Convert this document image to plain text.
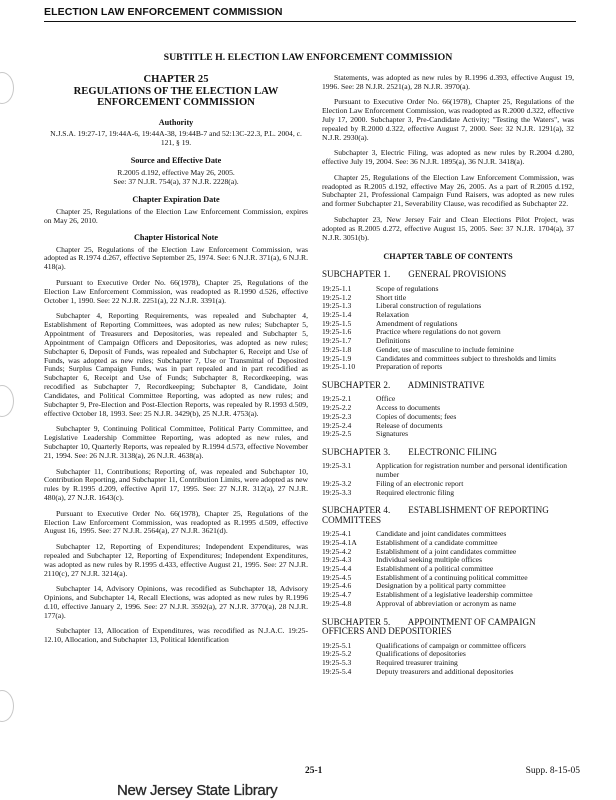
ELECTION LAW ENFORCEMENT COMMISSION
SUBTITLE H. ELECTION LAW ENFORCEMENT COMMISSION
CHAPTER 25
REGULATIONS OF THE ELECTION LAW
ENFORCEMENT COMMISSION
Authority

N.J.S.A. 19:27-17, 19:44A-6, 19:44A-38, 19:44B-7 and 52:13C-22.3, P.L. 2004, c. 121, § 19.

Source and Effective Date

R.2005 d.192, effective May 26, 2005.

See: 37 N.J.R. 754(a), 37 N.J.R. 2228(a).

Chapter Expiration Date

Chapter 25, Regulations of the Election Law Enforcement Commission, expires on May 26, 2010.

Chapter Historical Note

Chapter 25, Regulations of the Election Law Enforcement Commission, was adopted as R.1974 d.267, effective September 25, 1974. See: 6 N.J.R. 371(a), 6 N.J.R. 418(a).

Pursuant to Executive Order No. 66(1978), Chapter 25, Regulations of the Election Law Enforcement Commission, was readopted as R.1990 d.526, effective October 1, 1990. See: 22 N.J.R. 2251(a), 22 N.J.R. 3391(a).

Subchapter 4, Reporting Requirements, was repealed and Subchapter 4, Establishment of Reporting Committees, was adopted as new rules; Subchapter 5, Appointment of Treasurers and Depositories, was repealed and Subchapter 5, Appointment of Campaign Officers and Depositories, was adopted as new rules; Subchapter 6, Deposit of Funds, was repealed and Subchapter 6, Receipt and Use of Funds, was adopted as new rules; Subchapter 7, Use or Transmittal of Deposited Funds; Surplus Campaign Funds, was in part repealed and in part recodified as Subchapter 6, Receipt and Use of Funds; Subchapter 8, Recordkeeping, was recodified as Subchapter 7, Recordkeeping; Subchapter 8, Candidate, Joint Candidates, and Political Committee Reporting, was adopted as new rules; and Subchapter 9, Pre-Election and Post-Election Reports, was repealed by R.1993 d.509, effective October 18, 1993. See: 25 N.J.R. 3429(b), 25 N.J.R. 4753(a).

Subchapter 9, Continuing Political Committee, Political Party Committee, and Legislative Leadership Committee Reporting, was adopted as new rules, and Subchapter 10, Quarterly Reports, was repealed by R.1994 d.573, effective November 21, 1994. See: 26 N.J.R. 3138(a), 26 N.J.R. 4638(a).

Subchapter 11, Contributions; Reporting of, was repealed and Subchapter 10, Contribution Reporting, and Subchapter 11, Contribution Limits, were adopted as new rules by R.1995 d.209, effective April 17, 1995. See: 27 N.J.R. 312(a), 27 N.J.R. 480(a), 27 N.J.R. 1643(c).

Pursuant to Executive Order No. 66(1978), Chapter 25, Regulations of the Election Law Enforcement Commission, was readopted as R.1995 d.509, effective August 16, 1995. See: 27 N.J.R. 2564(a), 27 N.J.R. 3621(d).

Subchapter 12, Reporting of Expenditures; Independent Expenditures, was repealed and Subchapter 12, Reporting of Expenditures; Independent Expenditures, was adopted as new rules by R.1995 d.433, effective August 21, 1995. See: 27 N.J.R. 2110(c), 27 N.J.R. 3214(a).

Subchapter 14, Advisory Opinions, was recodified as Subchapter 18, Advisory Opinions, and Subchapter 14, Recall Elections, was adopted as new rules by R.1996 d.10, effective January 2, 1996. See: 27 N.J.R. 3592(a), 27 N.J.R. 3770(a), 28 N.J.R. 177(a).

Subchapter 13, Allocation of Expenditures, was recodified as N.J.A.C. 19:25-12.10, Allocation, and Subchapter 13, Political Identification

Statements, was adopted as new rules by R.1996 d.393, effective August 19, 1996. See: 28 N.J.R. 2521(a), 28 N.J.R. 3970(a).

Pursuant to Executive Order No. 66(1978), Chapter 25, Regulations of the Election Law Enforcement Commission, was readopted as R.2000 d.322, effective July 17, 2000. Subchapter 3, Pre-Candidate Activity; "Testing the Waters", was repealed by R.2000 d.322, effective August 7, 2000. See: 32 N.J.R. 1291(a), 32 N.J.R. 2930(a).

Subchapter 3, Electric Filing, was adopted as new rules by R.2004 d.280, effective July 19, 2004. See: 36 N.J.R. 1895(a), 36 N.J.R. 3418(a).

Chapter 25, Regulations of the Election Law Enforcement Commission, was readopted as R.2005 d.192, effective May 26, 2005. As a part of R.2005 d.192, Subchapter 21, Professional Campaign Fund Raisers, was adopted as new rules and former Subchapter 21, Severability Clause, was recodified as Subchapter 22.

Subchapter 23, New Jersey Fair and Clean Elections Pilot Project, was adopted as R.2005 d.272, effective August 15, 2005. See: 37 N.J.R. 1704(a), 37 N.J.R. 3051(b).

CHAPTER TABLE OF CONTENTS
SUBCHAPTER 1. GENERAL PROVISIONS
19:25-1.1	Scope of regulations
19:25-1.2	Short title
19:25-1.3	Liberal construction of regulations
19:25-1.4	Relaxation
19:25-1.5	Amendment of regulations
19:25-1.6	Practice where regulations do not govern
19:25-1.7	Definitions
19:25-1.8	Gender, use of masculine to include feminine
19:25-1.9	Candidates and committees subject to thresholds and limits
19:25-1.10	Preparation of reports
SUBCHAPTER 2. ADMINISTRATIVE
19:25-2.1	Office
19:25-2.2	Access to documents
19:25-2.3	Copies of documents; fees
19:25-2.4	Release of documents
19:25-2.5	Signatures
SUBCHAPTER 3. ELECTRONIC FILING
19:25-3.1	Application for registration number and personal identification number
19:25-3.2	Filing of an electronic report
19:25-3.3	Required electronic filing
SUBCHAPTER 4. ESTABLISHMENT OF REPORTING COMMITTEES
19:25-4.1	Candidate and joint candidates committees
19:25-4.1A	Establishment of a candidate committee
19:25-4.2	Establishment of a joint candidates committee
19:25-4.3	Individual seeking multiple offices
19:25-4.4	Establishment of a political committee
19:25-4.5	Establishment of a continuing political committee
19:25-4.6	Designation by a political party committee
19:25-4.7	Establishment of a legislative leadership committee
19:25-4.8	Approval of abbreviation or acronym as name
SUBCHAPTER 5. APPOINTMENT OF CAMPAIGN OFFICERS AND DEPOSITORIES
19:25-5.1	Qualifications of campaign or committee officers
19:25-5.2	Qualifications of depositories
19:25-5.3	Required treasurer training
19:25-5.4	Deputy treasurers and additional depositories
25-1	Supp. 8-15-05
New Jersey State Library
